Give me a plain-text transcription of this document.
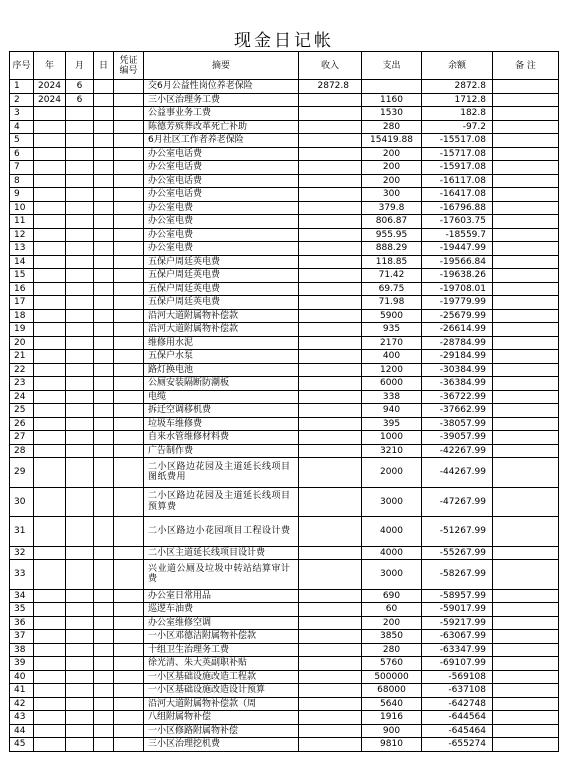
现金日记帐
序号	年	月	日	凭证编号	摘要	收入	支出	余额	备 注
1	2024	6			交6月公益性岗位养老保险	2872.8		2872.8	
2	2024	6			三小区治理务工费		1160	1712.8	
3					公益事业务工费		1530	182.8	
4					陈德芳殡葬改革死亡补助		280	-97.2	
5					6月社区工作者养老保险		15419.88	-15517.08	
6					办公室电话费		200	-15717.08	
7					办公室电话费		200	-15917.08	
8					办公室电话费		200	-16117.08	
9					办公室电话费		300	-16417.08	
10					办公室电费		379.8	-16796.88	
11					办公室电费		806.87	-17603.75	
12					办公室电费		955.95	-18559.7	
13					办公室电费		888.29	-19447.99	
14					五保户周廷英电费		118.85	-19566.84	
15					五保户周廷英电费		71.42	-19638.26	
16					五保户周廷英电费		69.75	-19708.01	
17					五保户周廷英电费		71.98	-19779.99	
18					沿河大道附属物补偿款		5900	-25679.99	
19					沿河大道附属物补偿款		935	-26614.99	
20					维修用水泥		2170	-28784.99	
21					五保户水泵		400	-29184.99	
22					路灯换电池		1200	-30384.99	
23					公厕安装隔断防潮板		6000	-36384.99	
24					电缆		338	-36722.99	
25					拆迁空调移机费		940	-37662.99	
26					垃圾车维修费		395	-38057.99	
27					自来水管维修材料费		1000	-39057.99	
28					广告制作费		3210	-42267.99	
29					二小区路边花园及主道延长线项目图纸费用		2000	-44267.99	
30					二小区路边花园及主道延长线项目预算费		3000	-47267.99	
31					二小区路边小花园项目工程设计费		4000	-51267.99	
32					二小区主道延长线项目设计费		4000	-55267.99	
33					兴业道公厕及垃圾中转站结算审计费		3000	-58267.99	
34					办公室日常用品		690	-58957.99	
35					巡逻车油费		60	-59017.99	
36					办公室维修空调		200	-59217.99	
37					一小区邓德洁附属物补偿款		3850	-63067.99	
38					十组卫生治理务工费		280	-63347.99	
39					徐光清、朱大英副职补贴		5760	-69107.99	
40					一小区基础设施改造工程款		500000	-569108	
41					一小区基础设施改造设计预算		68000	-637108	
42					沿河大道附属物补偿款（周		5640	-642748	
43					八组附属物补偿		1916	-644564	
44					一小区修路附属物补偿		900	-645464	
45					三小区治理挖机费		9810	-655274	
